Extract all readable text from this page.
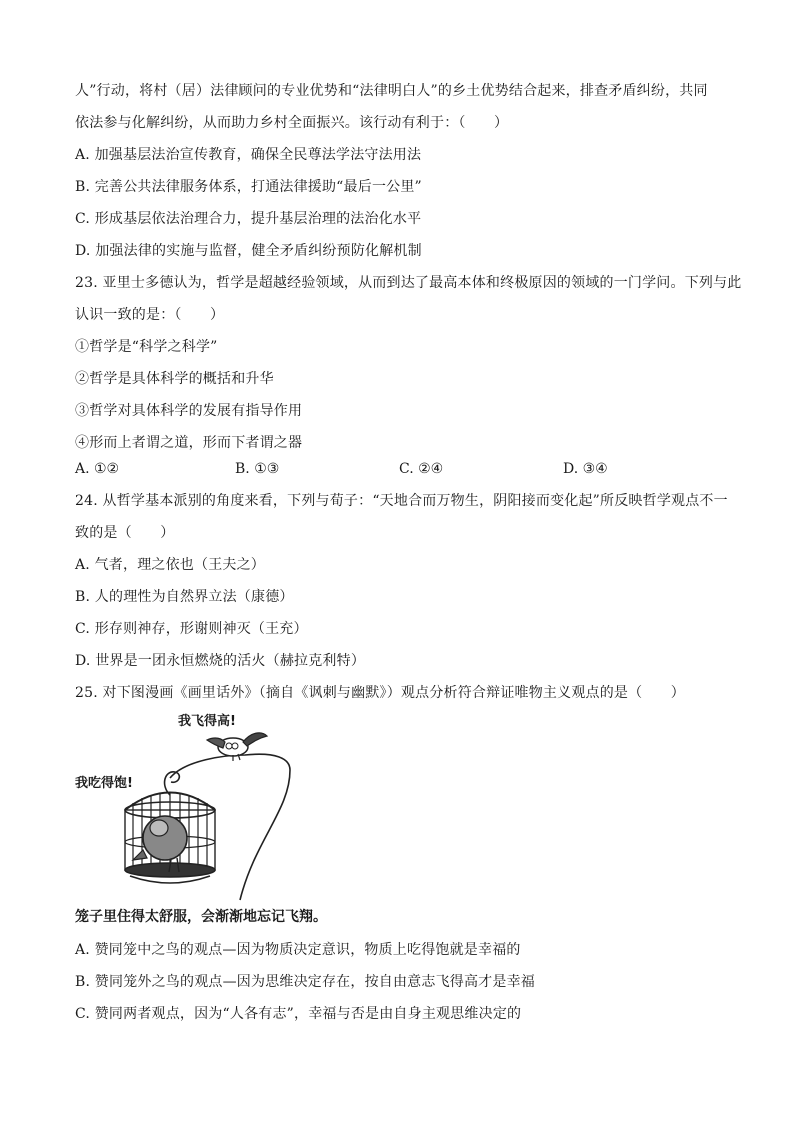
人”行动，将村（居）法律顾问的专业优势和“法律明白人”的乡土优势结合起来，排查矛盾纠纷，共同
依法参与化解纠纷，从而助力乡村全面振兴。该行动有利于：（　　）
A. 加强基层法治宣传教育，确保全民尊法学法守法用法
B. 完善公共法律服务体系，打通法律援助“最后一公里”
C. 形成基层依法治理合力，提升基层治理的法治化水平
D. 加强法律的实施与监督，健全矛盾纠纷预防化解机制
23. 亚里士多德认为，哲学是超越经验领域，从而到达了最高本体和终极原因的领域的一门学问。下列与此
认识一致的是：（　　）
①哲学是“科学之科学”
②哲学是具体科学的概括和升华
③哲学对具体科学的发展有指导作用
④形而上者谓之道，形而下者谓之器
A. ①②	B. ①③	C. ②④	D. ③④
24. 从哲学基本派别的角度来看，下列与荀子：“天地合而万物生，阴阳接而变化起”所反映哲学观点不一
致的是（　　）
A. 气者，理之依也（王夫之）
B. 人的理性为自然界立法（康德）
C. 形存则神存，形谢则神灭（王充）
D. 世界是一团永恒燃烧的活火（赫拉克利特）
25. 对下图漫画《画里话外》（摘自《讽刺与幽默》）观点分析符合辩证唯物主义观点的是（　　）
我飞得高!
我吃得饱!
笼子里住得太舒服，会渐渐地忘记飞翔。
A. 赞同笼中之鸟的观点—因为物质决定意识，物质上吃得饱就是幸福的
B. 赞同笼外之鸟的观点—因为思维决定存在，按自由意志飞得高才是幸福
C. 赞同两者观点，因为“人各有志”，幸福与否是由自身主观思维决定的
